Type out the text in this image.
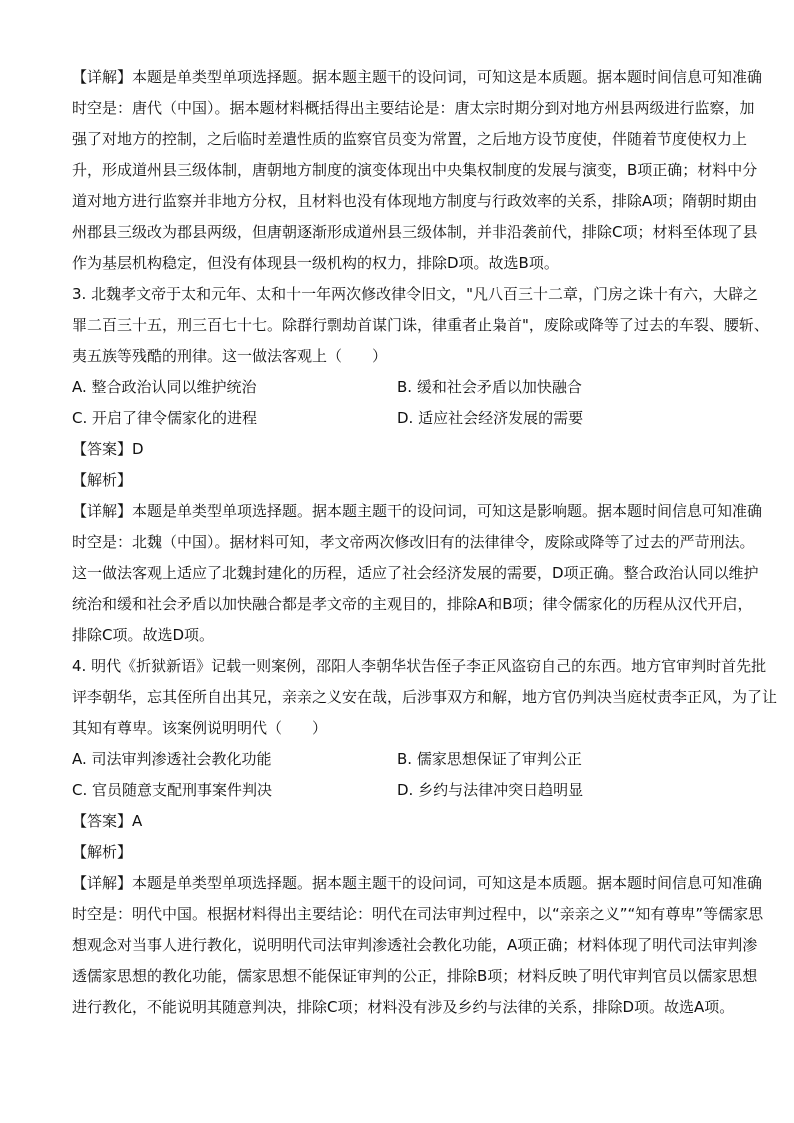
【详解】本题是单类型单项选择题。据本题主题干的设问词，可知这是本质题。据本题时间信息可知准确
时空是：唐代（中国）。据本题材料概括得出主要结论是：唐太宗时期分到对地方州县两级进行监察，加
强了对地方的控制，之后临时差遣性质的监察官员变为常置，之后地方设节度使，伴随着节度使权力上
升，形成道州县三级体制，唐朝地方制度的演变体现出中央集权制度的发展与演变，B项正确；材料中分
道对地方进行监察并非地方分权，且材料也没有体现地方制度与行政效率的关系，排除A项；隋朝时期由
州郡县三级改为郡县两级，但唐朝逐渐形成道州县三级体制，并非沿袭前代，排除C项；材料至体现了县
作为基层机构稳定，但没有体现县一级机构的权力，排除D项。故选B项。
3. 北魏孝文帝于太和元年、太和十一年两次修改律令旧文，"凡八百三十二章，门房之诛十有六，大辟之
罪二百三十五，刑三百七十七。除群行剽劫首谋门诛，律重者止枭首"，废除或降等了过去的车裂、腰斩、
夷五族等残酷的刑律。这一做法客观上（　　）
A. 整合政治认同以维护统治	B. 缓和社会矛盾以加快融合
C. 开启了律令儒家化的进程	D. 适应社会经济发展的需要
【答案】D
【解析】
【详解】本题是单类型单项选择题。据本题主题干的设问词，可知这是影响题。据本题时间信息可知准确
时空是：北魏（中国）。据材料可知，孝文帝两次修改旧有的法律律令，废除或降等了过去的严苛刑法。
这一做法客观上适应了北魏封建化的历程，适应了社会经济发展的需要，D项正确。整合政治认同以维护
统治和缓和社会矛盾以加快融合都是孝文帝的主观目的，排除A和B项；律令儒家化的历程从汉代开启，
排除C项。故选D项。
4. 明代《折狱新语》记载一则案例，邵阳人李朝华状告侄子李正风盗窃自己的东西。地方官审判时首先批
评李朝华，忘其侄所自出其兄，亲亲之义安在哉，后涉事双方和解，地方官仍判决当庭杖责李正风，为了让
其知有尊卑。该案例说明明代（　　）
A. 司法审判渗透社会教化功能	B. 儒家思想保证了审判公正
C. 官员随意支配刑事案件判决	D. 乡约与法律冲突日趋明显
【答案】A
【解析】
【详解】本题是单类型单项选择题。据本题主题干的设问词，可知这是本质题。据本题时间信息可知准确
时空是：明代中国。根据材料得出主要结论：明代在司法审判过程中，以“亲亲之义”“知有尊卑”等儒家思
想观念对当事人进行教化，说明明代司法审判渗透社会教化功能，A项正确；材料体现了明代司法审判渗
透儒家思想的教化功能，儒家思想不能保证审判的公正，排除B项；材料反映了明代审判官员以儒家思想
进行教化，不能说明其随意判决，排除C项；材料没有涉及乡约与法律的关系，排除D项。故选A项。
